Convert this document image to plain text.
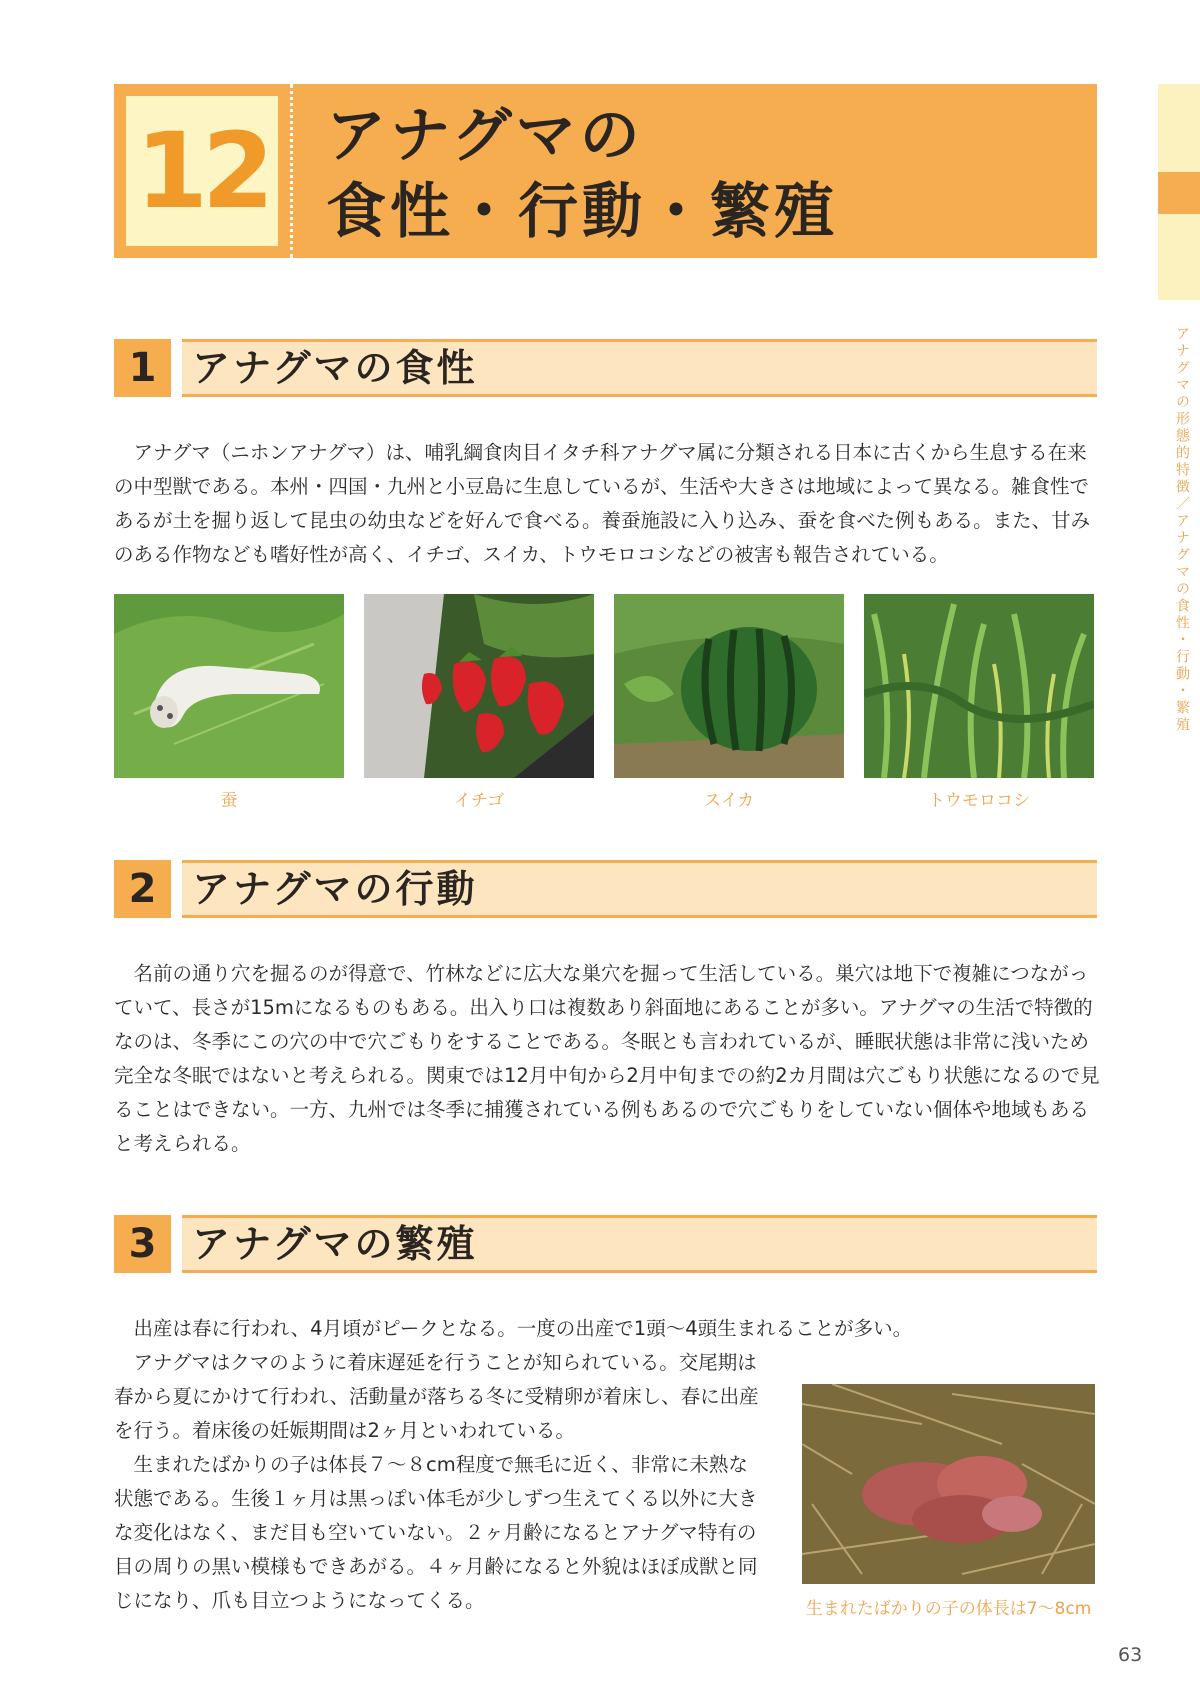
12 アナグマの
食性・行動・繁殖
アナグマの形態的特徴／アナグマの食性・行動・繁殖
1 アナグマの食性

アナグマ（ニホンアナグマ）は、哺乳綱食肉目イタチ科アナグマ属に分類される日本に古くから生息する在来の中型獣である。本州・四国・九州と小豆島に生息しているが、生活や大きさは地域によって異なる。雑食性であるが土を掘り返して昆虫の幼虫などを好んで食べる。養蚕施設に入り込み、蚕を食べた例もある。また、甘みのある作物なども嗜好性が高く、イチゴ、スイカ、トウモロコシなどの被害も報告されている。

蚕	イチゴ	スイカ	トウモロコシ
2 アナグマの行動

名前の通り穴を掘るのが得意で、竹林などに広大な巣穴を掘って生活している。巣穴は地下で複雑につながっていて、長さが15mになるものもある。出入り口は複数あり斜面地にあることが多い。アナグマの生活で特徴的なのは、冬季にこの穴の中で穴ごもりをすることである。冬眠とも言われているが、睡眠状態は非常に浅いため完全な冬眠ではないと考えられる。関東では12月中旬から2月中旬までの約2カ月間は穴ごもり状態になるので見ることはできない。一方、九州では冬季に捕獲されている例もあるので穴ごもりをしていない個体や地域もあると考えられる。

3 アナグマの繁殖

出産は春に行われ、4月頃がピークとなる。一度の出産で1頭～4頭生まれることが多い。

アナグマはクマのように着床遅延を行うことが知られている。交尾期は春から夏にかけて行われ、活動量が落ちる冬に受精卵が着床し、春に出産を行う。着床後の妊娠期間は2ヶ月といわれている。

生まれたばかりの子は体長７～８cm程度で無毛に近く、非常に未熟な状態である。生後１ヶ月は黒っぽい体毛が少しずつ生えてくる以外に大きな変化はなく、まだ目も空いていない。２ヶ月齢になるとアナグマ特有の目の周りの黒い模様もできあがる。４ヶ月齢になると外貌はほぼ成獣と同じになり、爪も目立つようになってくる。	生まれたばかりの子の体長は7～8cm
63
